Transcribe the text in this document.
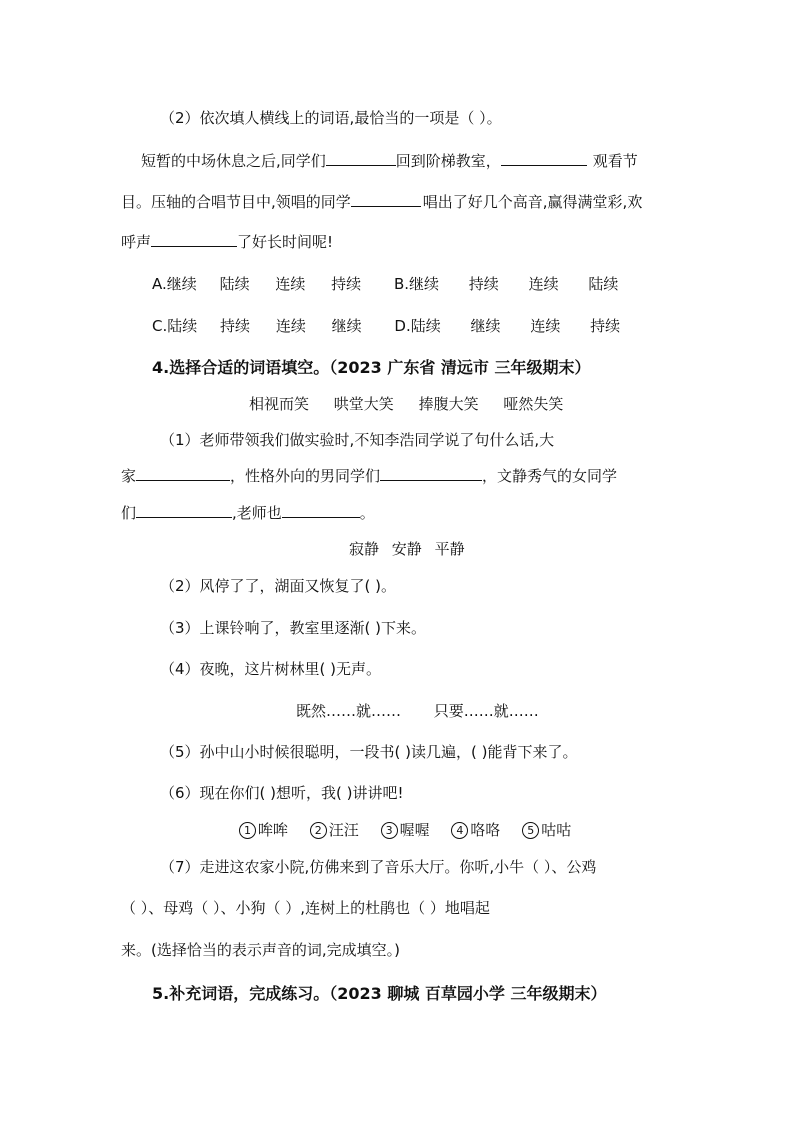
（2）依次填人横线上的词语,最恰当的一项是（ ）。
短暂的中场休息之后,同学们	回到阶梯教室，	观看节
目。压轴的合唱节目中,领唱的同学	唱出了好几个高音,赢得满堂彩,欢
呼声	了好长时间呢!
A.继续 陆续 连续 持续 B.继续 持续 连续 陆续
C.陆续 持续 连续 继续 D.陆续 继续 连续 持续
4.选择合适的词语填空。（2023 广东省 清远市 三年级期末）
相视而笑 哄堂大笑 捧腹大笑 哑然失笑
（1）老师带领我们做实验时,不知李浩同学说了句什么话,大
家	，性格外向的男同学们	，文静秀气的女同学
们	,老师也	。
寂静 安静 平静
（2）风停了了，湖面又恢复了( )。
（3）上课铃响了，教室里逐渐( )下来。
（4）夜晚，这片树林里( )无声。
既然……就…… 只要……就……
（5）孙中山小时候很聪明，一段书( )读几遍，( )能背下来了。
（6）现在你们( )想听，我( )讲讲吧!
1 哞哞 2 汪汪 3 喔喔 4 咯咯 5 咕咕
（7）走进这农家小院,仿佛来到了音乐大厅。你听,小牛（ ）、公鸡
（ ）、母鸡（ ）、小狗（ ）,连树上的杜鹃也（ ）地唱起
来。(选择恰当的表示声音的词,完成填空。)
5.补充词语，完成练习。（2023 聊城 百草园小学 三年级期末）
